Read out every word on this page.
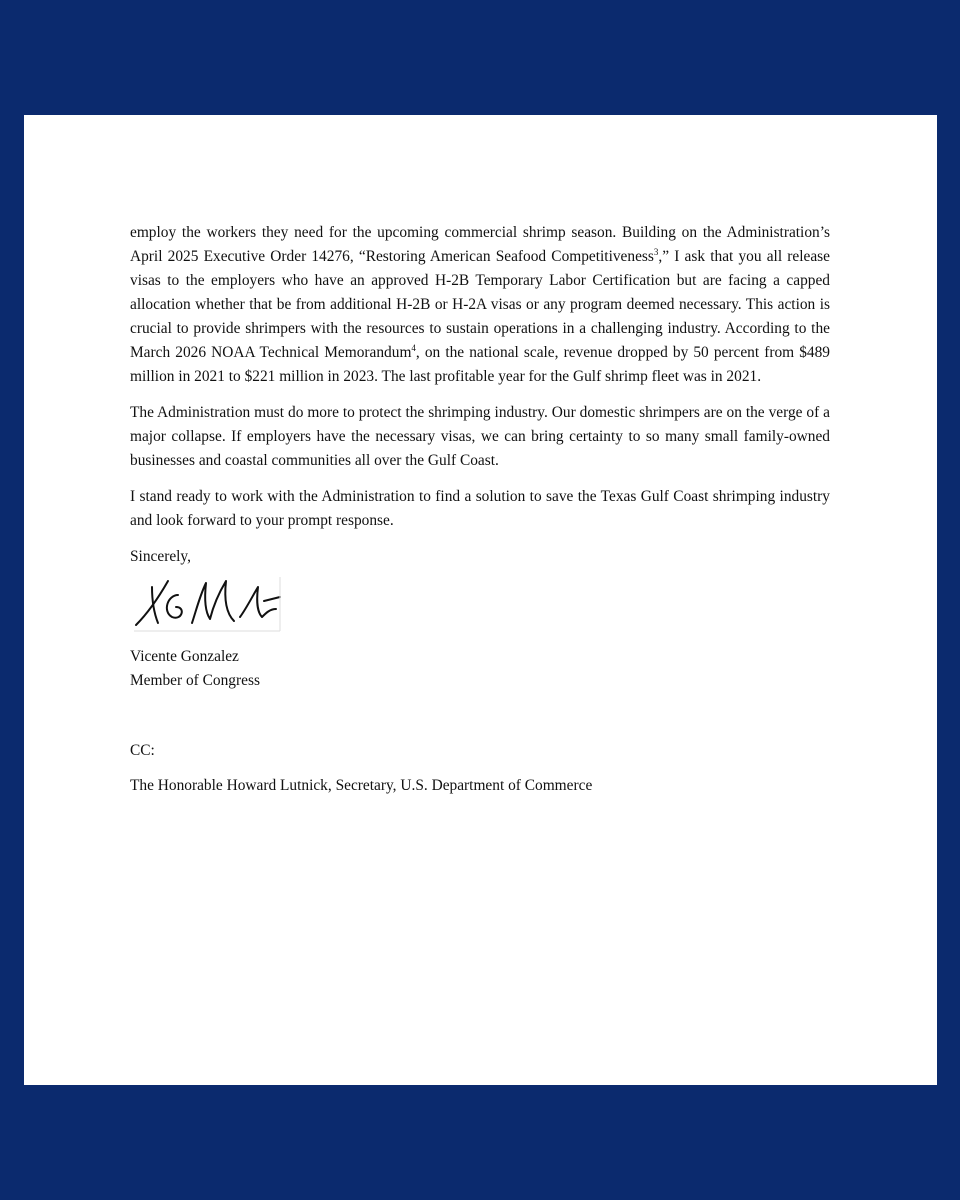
employ the workers they need for the upcoming commercial shrimp season. Building on the Administration’s April 2025 Executive Order 14276, “Restoring American Seafood Competitiveness$^3$,” I ask that you all release visas to the employers who have an approved H-2B Temporary Labor Certification but are facing a capped allocation whether that be from additional H-2B or H-2A visas or any program deemed necessary. This action is crucial to provide shrimpers with the resources to sustain operations in a challenging industry. According to the March 2026 NOAA Technical Memorandum$^4$, on the national scale, revenue dropped by 50 percent from $489 million in 2021 to $221 million in 2023. The last profitable year for the Gulf shrimp fleet was in 2021.

The Administration must do more to protect the shrimping industry. Our domestic shrimpers are on the verge of a major collapse. If employers have the necessary visas, we can bring certainty to so many small family-owned businesses and coastal communities all over the Gulf Coast.

I stand ready to work with the Administration to find a solution to save the Texas Gulf Coast shrimping industry and look forward to your prompt response.

Sincerely,

Vicente Gonzalez

Member of Congress

CC:

The Honorable Howard Lutnick, Secretary, U.S. Department of Commerce
